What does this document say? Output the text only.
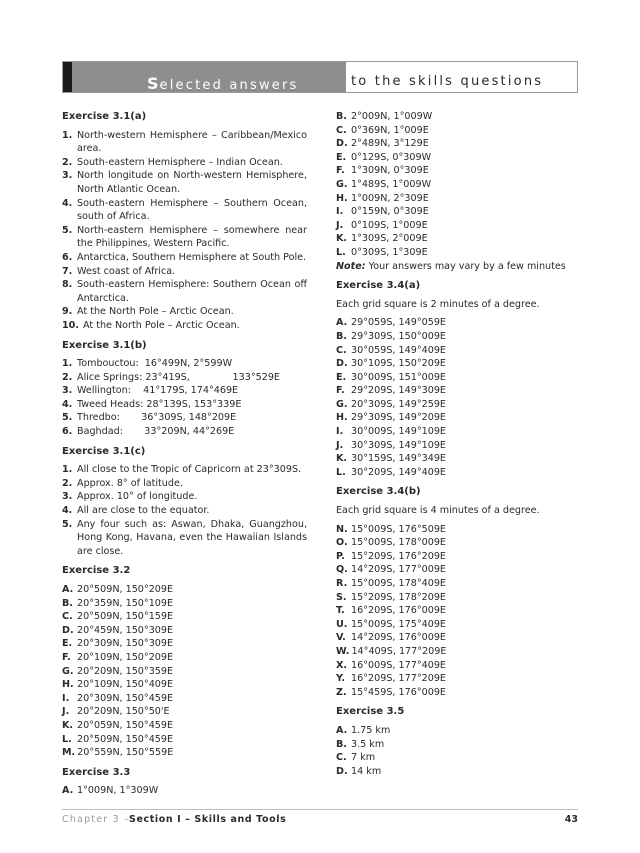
Selected answers	to the skills questions
Exercise 3.1(a)
1. North-western Hemisphere – Caribbean/Mexico area.
2. South-eastern Hemisphere – Indian Ocean.
3. North longitude on North-western Hemisphere, North Atlantic Ocean.
4. South-eastern Hemisphere – Southern Ocean, south of Africa.
5. North-eastern Hemisphere – somewhere near the Philippines, Western Pacific.
6. Antarctica, Southern Hemisphere at South Pole.
7. West coast of Africa.
8. South-eastern Hemisphere: Southern Ocean off Antarctica.
9. At the North Pole – Arctic Ocean.
10. At the North Pole – Arctic Ocean.
Exercise 3.1(b)
1. Tombouctou:  16°499N, 2°599W
2. Alice Springs: 23°419S,              133°529E
3. Wellington:    41°179S, 174°469E
4. Tweed Heads: 28°139S, 153°339E
5. Thredbo:       36°309S, 148°209E
6. Baghdad:       33°209N, 44°269E
Exercise 3.1(c)
1. All close to the Tropic of Capricorn at 23°309S.
2. Approx. 8° of latitude.
3. Approx. 10° of longitude.
4. All are close to the equator.
5. Any four such as: Aswan, Dhaka, Guangzhou, Hong Kong, Havana, even the Hawaiian Islands are close.
Exercise 3.2
A. 20°509N, 150°209E
B. 20°359N, 150°109E
C. 20°509N, 150°159E
D. 20°459N, 150°309E
E. 20°309N, 150°309E
F. 20°109N, 150°209E
G. 20°209N, 150°359E
H. 20°109N, 150°409E
I. 20°309N, 150°459E
J. 20°209N, 150°50'E
K. 20°059N, 150°459E
L. 20°509N, 150°459E
M. 20°559N, 150°559E
Exercise 3.3
A. 1°009N, 1°309W
B. 2°009N, 1°009W
C. 0°369N, 1°009E
D. 2°489N, 3°129E
E. 0°129S, 0°309W
F. 1°309N, 0°309E
G. 1°489S, 1°009W
H. 1°009N, 2°309E
I. 0°159N, 0°309E
J. 0°109S, 1°009E
K. 1°309S, 2°009E
L. 0°309S, 1°309E
Note: Your answers may vary by a few minutes
Exercise 3.4(a)
Each grid square is 2 minutes of a degree.
A. 29°059S, 149°059E
B. 29°309S, 150°009E
C. 30°059S, 149°409E
D. 30°109S, 150°209E
E. 30°009S, 151°009E
F. 29°209S, 149°309E
G. 20°309S, 149°259E
H. 29°309S, 149°209E
I. 30°009S, 149°109E
J. 30°309S, 149°109E
K. 30°159S, 149°349E
L. 30°209S, 149°409E
Exercise 3.4(b)
Each grid square is 4 minutes of a degree.
N. 15°009S, 176°509E
O. 15°009S, 178°009E
P. 15°209S, 176°209E
Q. 14°209S, 177°009E
R. 15°009S, 178°409E
S. 15°209S, 178°209E
T. 16°209S, 176°009E
U. 15°009S, 175°409E
V. 14°209S, 176°009E
W. 14°409S, 177°209E
X. 16°009S, 177°409E
Y. 16°209S, 177°209E
Z. 15°459S, 176°009E
Exercise 3.5
A. 1.75 km
B. 3.5 km
C. 7 km
D. 14 km
Chapter 3 –
Section I – Skills and Tools	43
